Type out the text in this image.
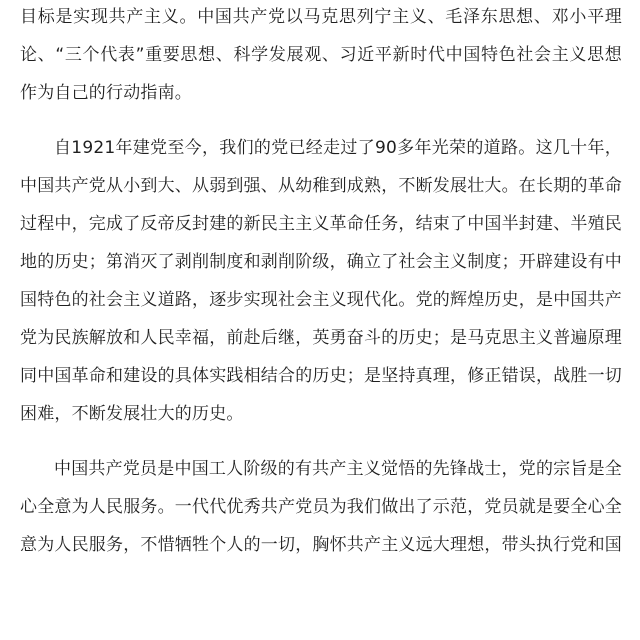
目标是实现共产主义。中国共产党以马克思列宁主义、毛泽东思想、邓小平理论、“三个代表”重要思想、科学发展观、习近平新时代中国特色社会主义思想作为自己的行动指南。

自1921年建党至今，我们的党已经走过了90多年光荣的道路。这几十年，中国共产党从小到大、从弱到强、从幼稚到成熟，不断发展壮大。在长期的革命过程中，完成了反帝反封建的新民主主义革命任务，结束了中国半封建、半殖民地的历史；第消灭了剥削制度和剥削阶级，确立了社会主义制度；开辟建设有中国特色的社会主义道路，逐步实现社会主义现代化。党的辉煌历史，是中国共产党为民族解放和人民幸福，前赴后继，英勇奋斗的历史；是马克思主义普遍原理同中国革命和建设的具体实践相结合的历史；是坚持真理，修正错误，战胜一切困难，不断发展壮大的历史。

中国共产党员是中国工人阶级的有共产主义觉悟的先锋战士，党的宗旨是全心全意为人民服务。一代代优秀共产党员为我们做出了示范，党员就是要全心全意为人民服务，不惜牺牲个人的一切，胸怀共产主义远大理想，带头执行党和国
